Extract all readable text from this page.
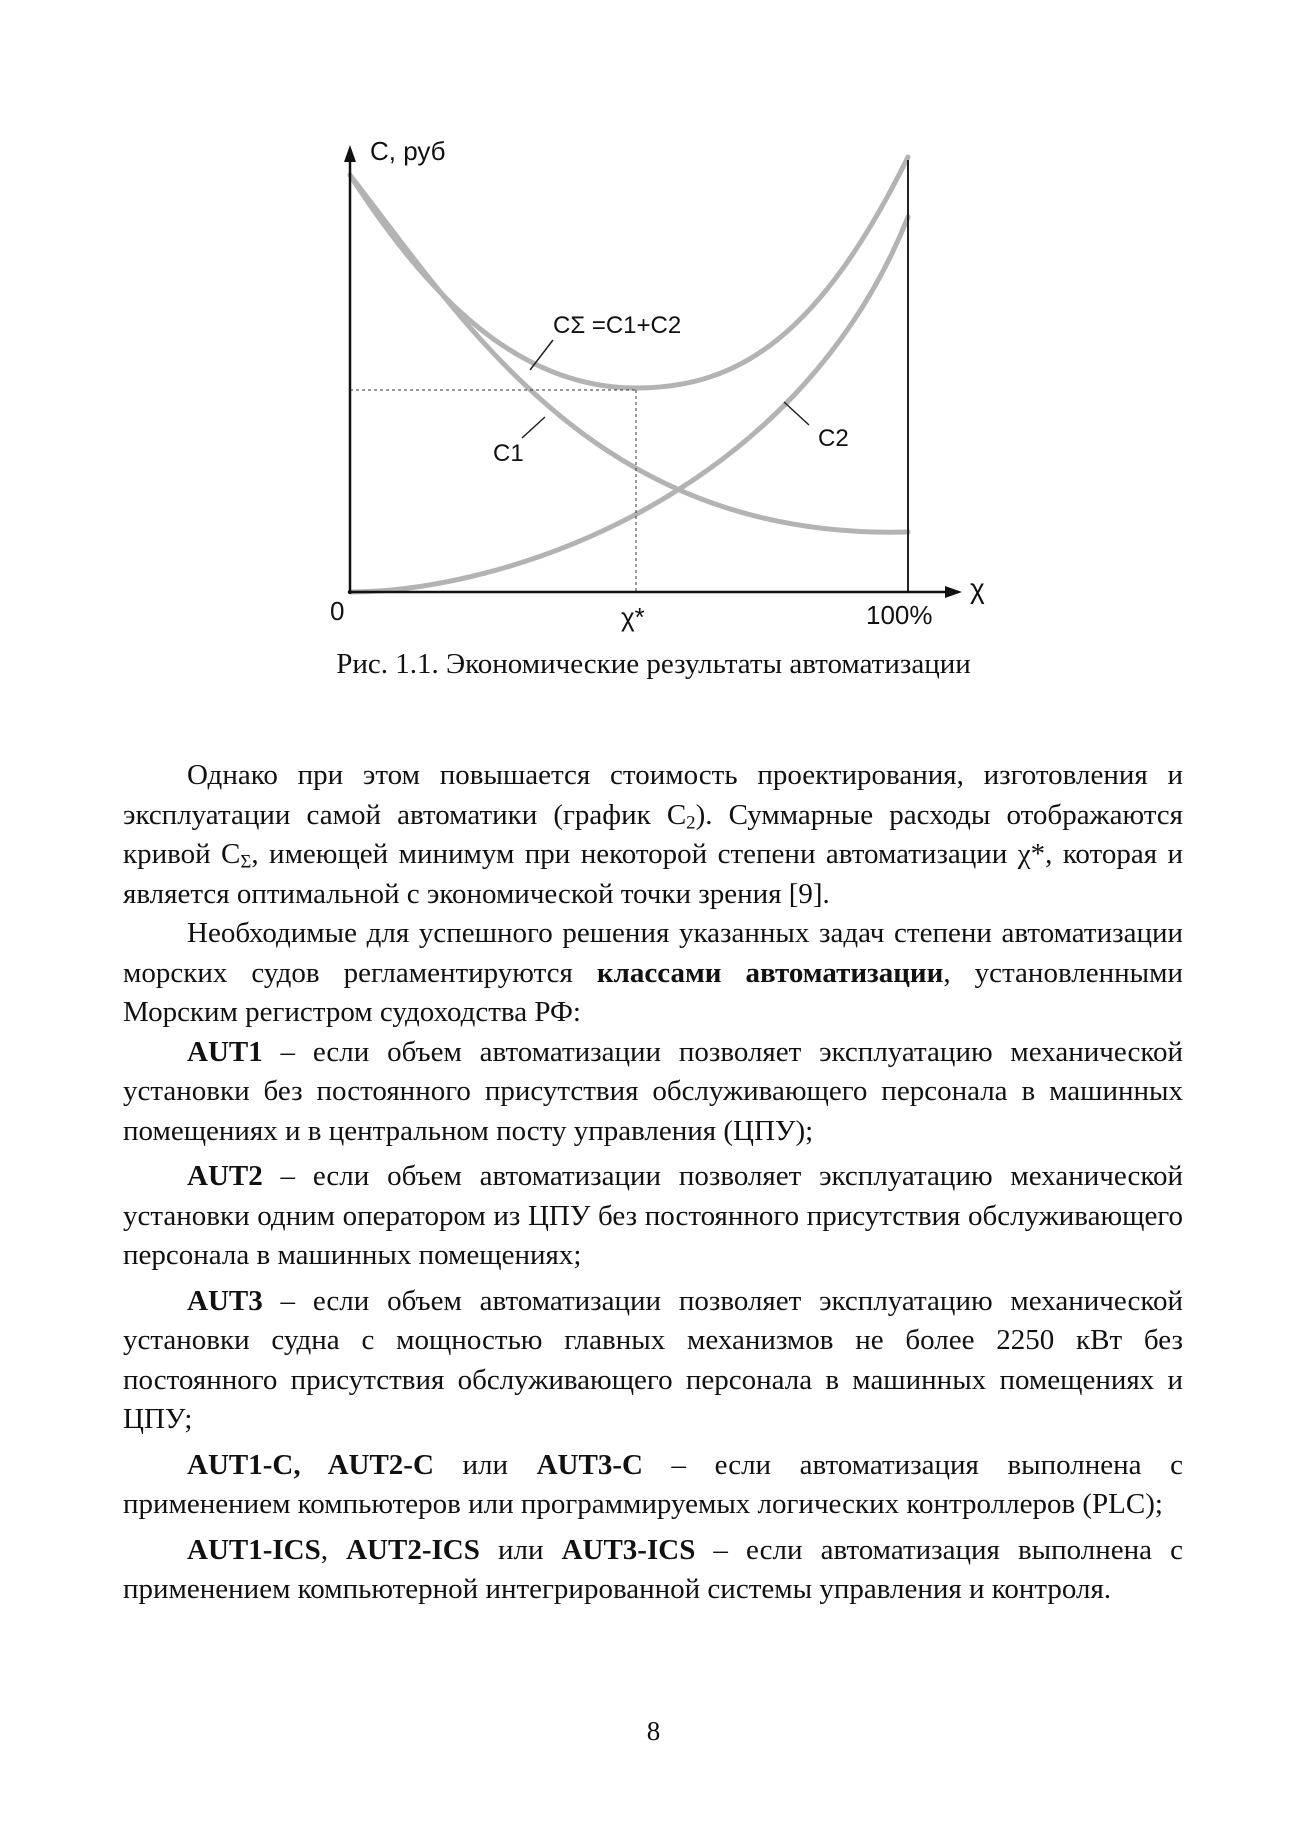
C, руб
χ
0	χ*	100%
CΣ =C1+C2
C1
C2
Рис. 1.1. Экономические результаты автоматизации

Однако при этом повышается стоимость проектирования, изготовления и эксплуатации самой автоматики (график $C_2$). Суммарные расходы отображаются кривой $C_\Sigma$, имеющей минимум при некоторой степени автоматизации χ*, которая и является оптимальной с экономической точки зрения [9].

Необходимые для успешного решения указанных задач степени автоматизации морских судов регламентируются классами автоматизации, установленными Морским регистром судоходства РФ:

AUT1 – если объем автоматизации позволяет эксплуатацию механической установки без постоянного присутствия обслуживающего персонала в машинных помещениях и в центральном посту управления (ЦПУ);

AUT2 – если объем автоматизации позволяет эксплуатацию механической установки одним оператором из ЦПУ без постоянного присутствия обслуживающего персонала в машинных помещениях;

AUT3 – если объем автоматизации позволяет эксплуатацию механической установки судна с мощностью главных механизмов не более 2250 кВт без постоянного присутствия обслуживающего персонала в машинных помещениях и ЦПУ;

AUT1-C, AUT2-C или AUT3-C – если автоматизация выполнена с применением компьютеров или программируемых логических контроллеров (PLC);

AUT1-ICS, AUT2-ICS или AUT3-ICS – если автоматизация выполнена с применением компьютерной интегрированной системы управления и контроля.

8
